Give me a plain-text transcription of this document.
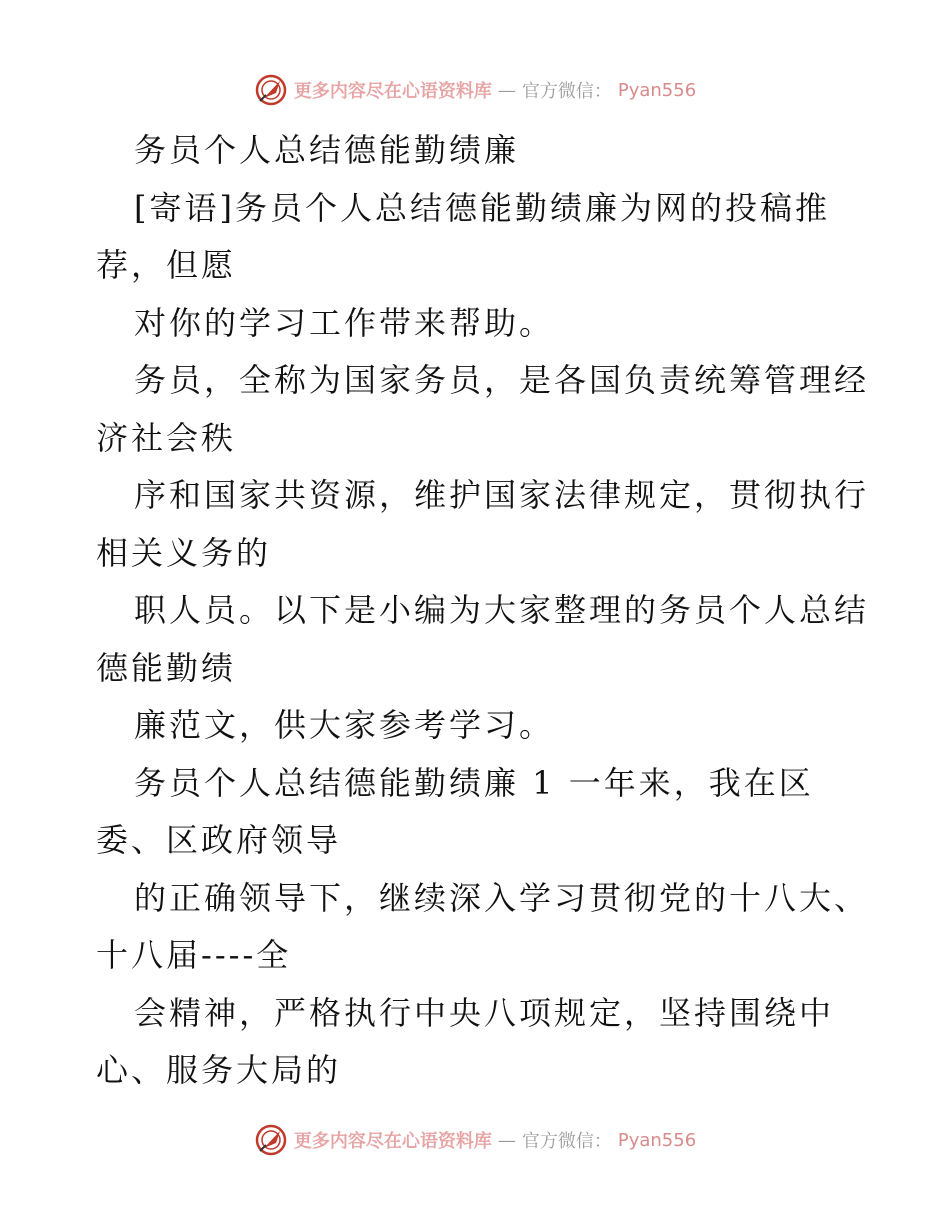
更多内容尽在心语资料库 — 官方微信： Pyan556
务员个人总结德能勤绩廉
[寄语]务员个人总结德能勤绩廉为网的投稿推
荐，但愿
对你的学习工作带来帮助。
务员，全称为国家务员，是各国负责统筹管理经
济社会秩
序和国家共资源，维护国家法律规定，贯彻执行
相关义务的
职人员。以下是小编为大家整理的务员个人总结
德能勤绩
廉范文，供大家参考学习。
务员个人总结德能勤绩廉 1 一年来，我在区
委、区政府领导
的正确领导下，继续深入学习贯彻党的十八大、
十八届----全
会精神，严格执行中央八项规定，坚持围绕中
心、服务大局的
更多内容尽在心语资料库 — 官方微信： Pyan556
